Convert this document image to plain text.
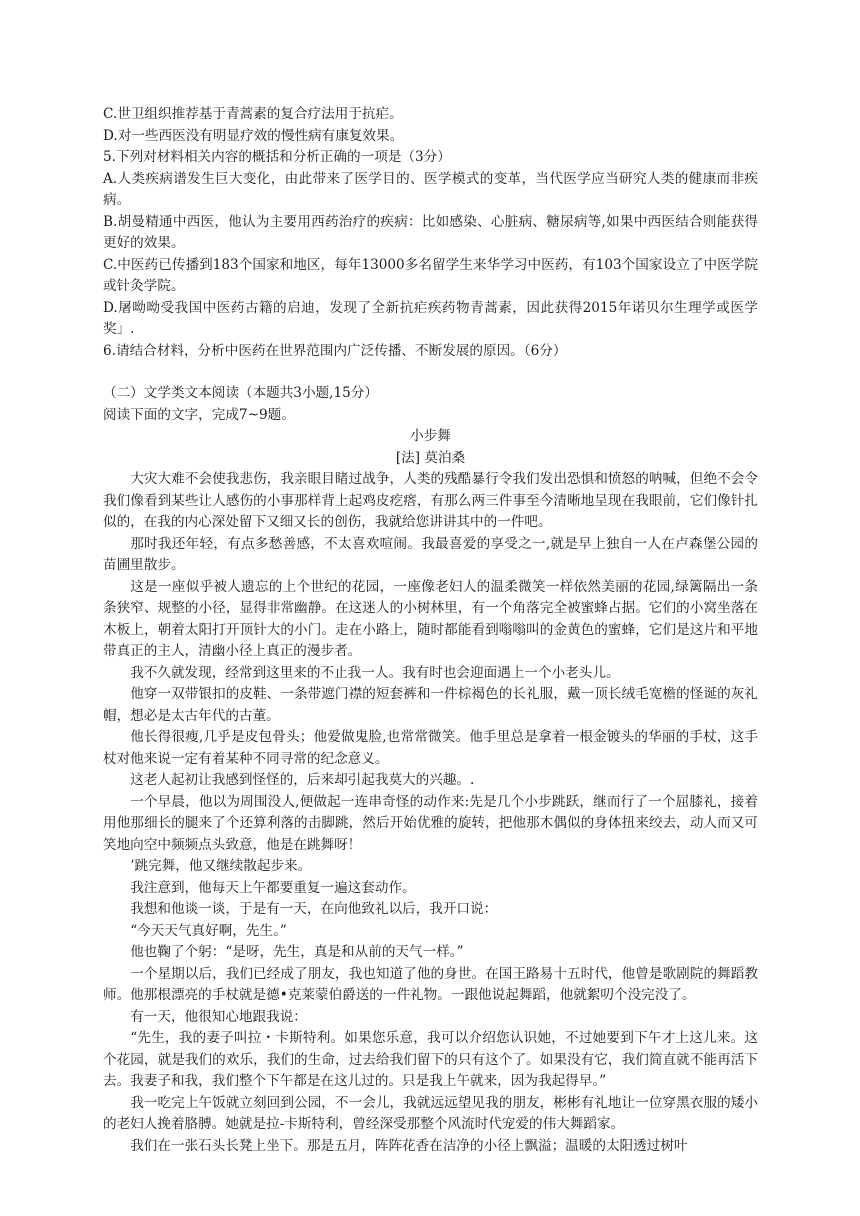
C.世卫组织推荐基于青蒿素的复合疗法用于抗疟。

D.对一些西医没有明显疗效的慢性病有康复效果。

5.下列对材料相关内容的概括和分析正确的一项是（3分）

A.人类疾病谱发生巨大变化，由此带来了医学目的、医学模式的变革，当代医学应当研究人类的健康而非疾病。

B.胡曼精通中西医，他认为主要用西药治疗的疾病：比如感染、心脏病、糖尿病等,如果中西医结合则能获得更好的效果。

C.中医药已传播到183个国家和地区，每年13000多名留学生来华学习中医药，有103个国家设立了中医学院或针灸学院。

D.屠呦呦受我国中医药古籍的启迪，发现了全新抗疟疾药物青蒿素，因此获得2015年诺贝尔生理学或医学奖」.

6.请结合材料，分析中医药在世界范围内广泛传播、不断发展的原因。（6分）

（二）文学类文本阅读（本题共3小题,15分）

阅读下面的文字，完成7~9题。

小步舞

[法] 莫泊桑

大灾大难不会使我悲伤，我亲眼目睹过战争，人类的残酷暴行令我们发出恐惧和愤怒的呐喊，但绝不会令我们像看到某些让人感伤的小事那样背上起鸡皮疙瘩，有那么两三件事至今清晰地呈现在我眼前，它们像针扎似的，在我的内心深处留下又细又长的创伤，我就给您讲讲其中的一件吧。

那时我还年轻，有点多愁善感，不太喜欢喧闹。我最喜爱的享受之一,就是早上独自一人在卢森堡公园的苗圃里散步。

这是一座似乎被人遗忘的上个世纪的花园，一座像老妇人的温柔微笑一样依然美丽的花园,绿篱隔出一条条狭窄、规整的小径，显得非常幽静。在这迷人的小树林里，有一个角落完全被蜜蜂占据。它们的小窝坐落在木板上，朝着太阳打开顶针大的小门。走在小路上，随时都能看到嗡嗡叫的金黄色的蜜蜂，它们是这片和平地带真正的主人，清幽小径上真正的漫步者。

我不久就发现，经常到这里来的不止我一人。我有时也会迎面遇上一个小老头儿。

他穿一双带银扣的皮鞋、一条带遮门襟的短套裤和一件棕褐色的长礼服，戴一顶长绒毛宽檐的怪诞的灰礼帽，想必是太古年代的古董。

他长得很瘦,几乎是皮包骨头；他爱做鬼脸,也常常微笑。他手里总是拿着一根金镀头的华丽的手杖，这手杖对他来说一定有着某种不同寻常的纪念意义。

这老人起初让我感到怪怪的，后来却引起我莫大的兴趣。.

一个早晨，他以为周围没人,便做起一连串奇怪的动作来:先是几个小步跳跃，继而行了一个屈膝礼，接着用他那细长的腿来了个还算利落的击脚跳，然后开始优雅的旋转，把他那木偶似的身体扭来绞去，动人而又可笑地向空中频频点头致意，他是在跳舞呀！

’跳完舞，他又继续散起步来。

我注意到，他每天上午都要重复一遍这套动作。

我想和他谈一谈，于是有一天，在向他致礼以后，我开口说：

“今天天气真好啊，先生。”

他也鞠了个躬：“是呀，先生，真是和从前的天气一样。”

一个星期以后，我们已经成了朋友，我也知道了他的身世。在国王路易十五时代，他曾是歌剧院的舞蹈教师。他那根漂亮的手杖就是德•克莱蒙伯爵送的一件礼物。一跟他说起舞蹈，他就絮叨个没完没了。

有一天，他很知心地跟我说：

“先生，我的妻子叫拉・卡斯特利。如果您乐意，我可以介绍您认识她，不过她要到下午才上这儿来。这个花园，就是我们的欢乐，我们的生命，过去给我们留下的只有这个了。如果没有它，我们简直就不能再活下去。我妻子和我，我们整个下午都是在这儿过的。只是我上午就来，因为我起得早。”

我一吃完上午饭就立刻回到公园，不一会儿，我就远远望见我的朋友，彬彬有礼地让一位穿黑衣服的矮小的老妇人挽着胳膊。她就是拉-卡斯特利，曾经深受那整个风流时代宠爱的伟大舞蹈家。

我们在一张石头长凳上坐下。那是五月，阵阵花香在洁净的小径上飘溢；温暖的太阳透过树叶
